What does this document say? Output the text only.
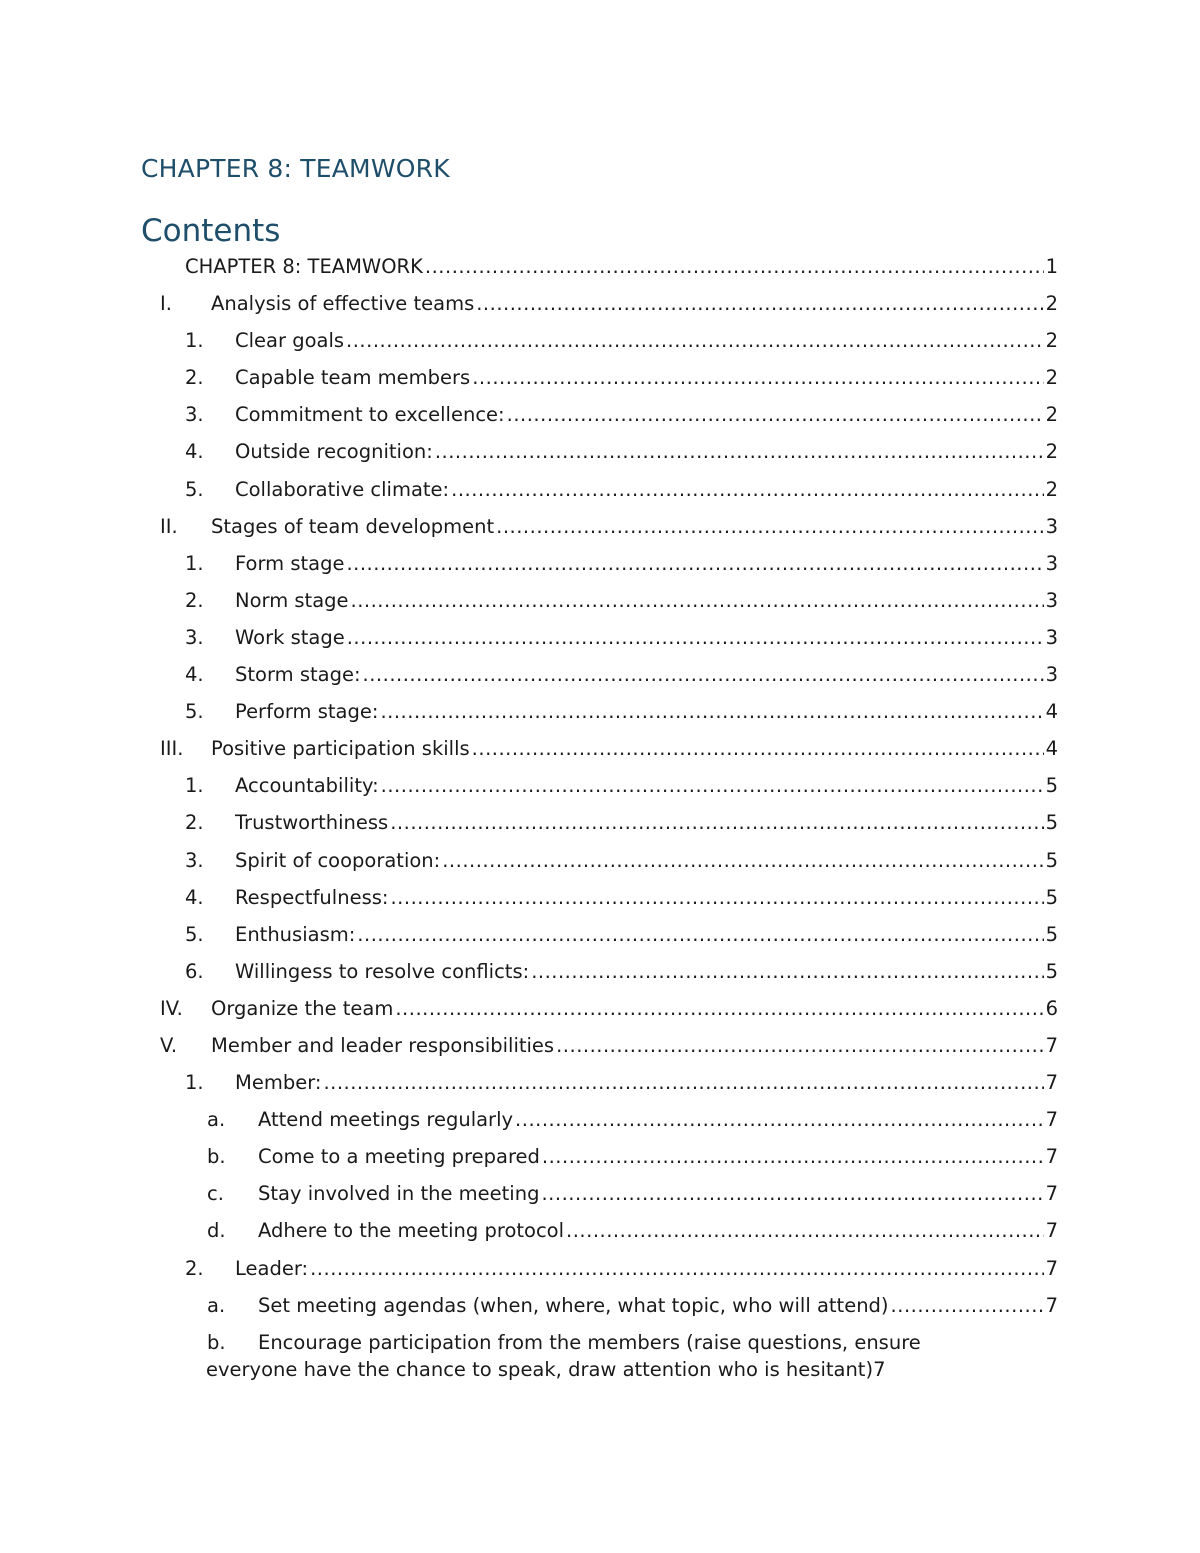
CHAPTER 8: TEAMWORK
Contents
CHAPTER 8: TEAMWORK .....	1
I. Analysis of effective teams .....	2
1. Clear goals .....	2
2. Capable team members .....	2
3. Commitment to excellence: .....	2
4. Outside recognition: .....	2
5. Collaborative climate: .....	2
II. Stages of team development .....	3
1. Form stage .....	3
2. Norm stage .....	3
3. Work stage .....	3
4. Storm stage: .....	3
5. Perform stage: .....	4
III. Positive participation skills .....	4
1. Accountability: .....	5
2. Trustworthiness .....	5
3. Spirit of cooporation: .....	5
4. Respectfulness: .....	5
5. Enthusiasm: .....	5
6. Willingess to resolve conflicts: .....	5
IV. Organize the team .....	6
V. Member and leader responsibilities .....	7
1. Member: .....	7
a. Attend meetings regularly .....	7
b. Come to a meeting prepared .....	7
c. Stay involved in the meeting .....	7
d. Adhere to the meeting protocol .....	7
2. Leader: .....	7
a. Set meeting agendas (when, where, what topic, who will attend) .....	7
b. Encourage participation from the members (raise questions, ensure
everyone have the chance to speak, draw attention who is hesitant) 7
